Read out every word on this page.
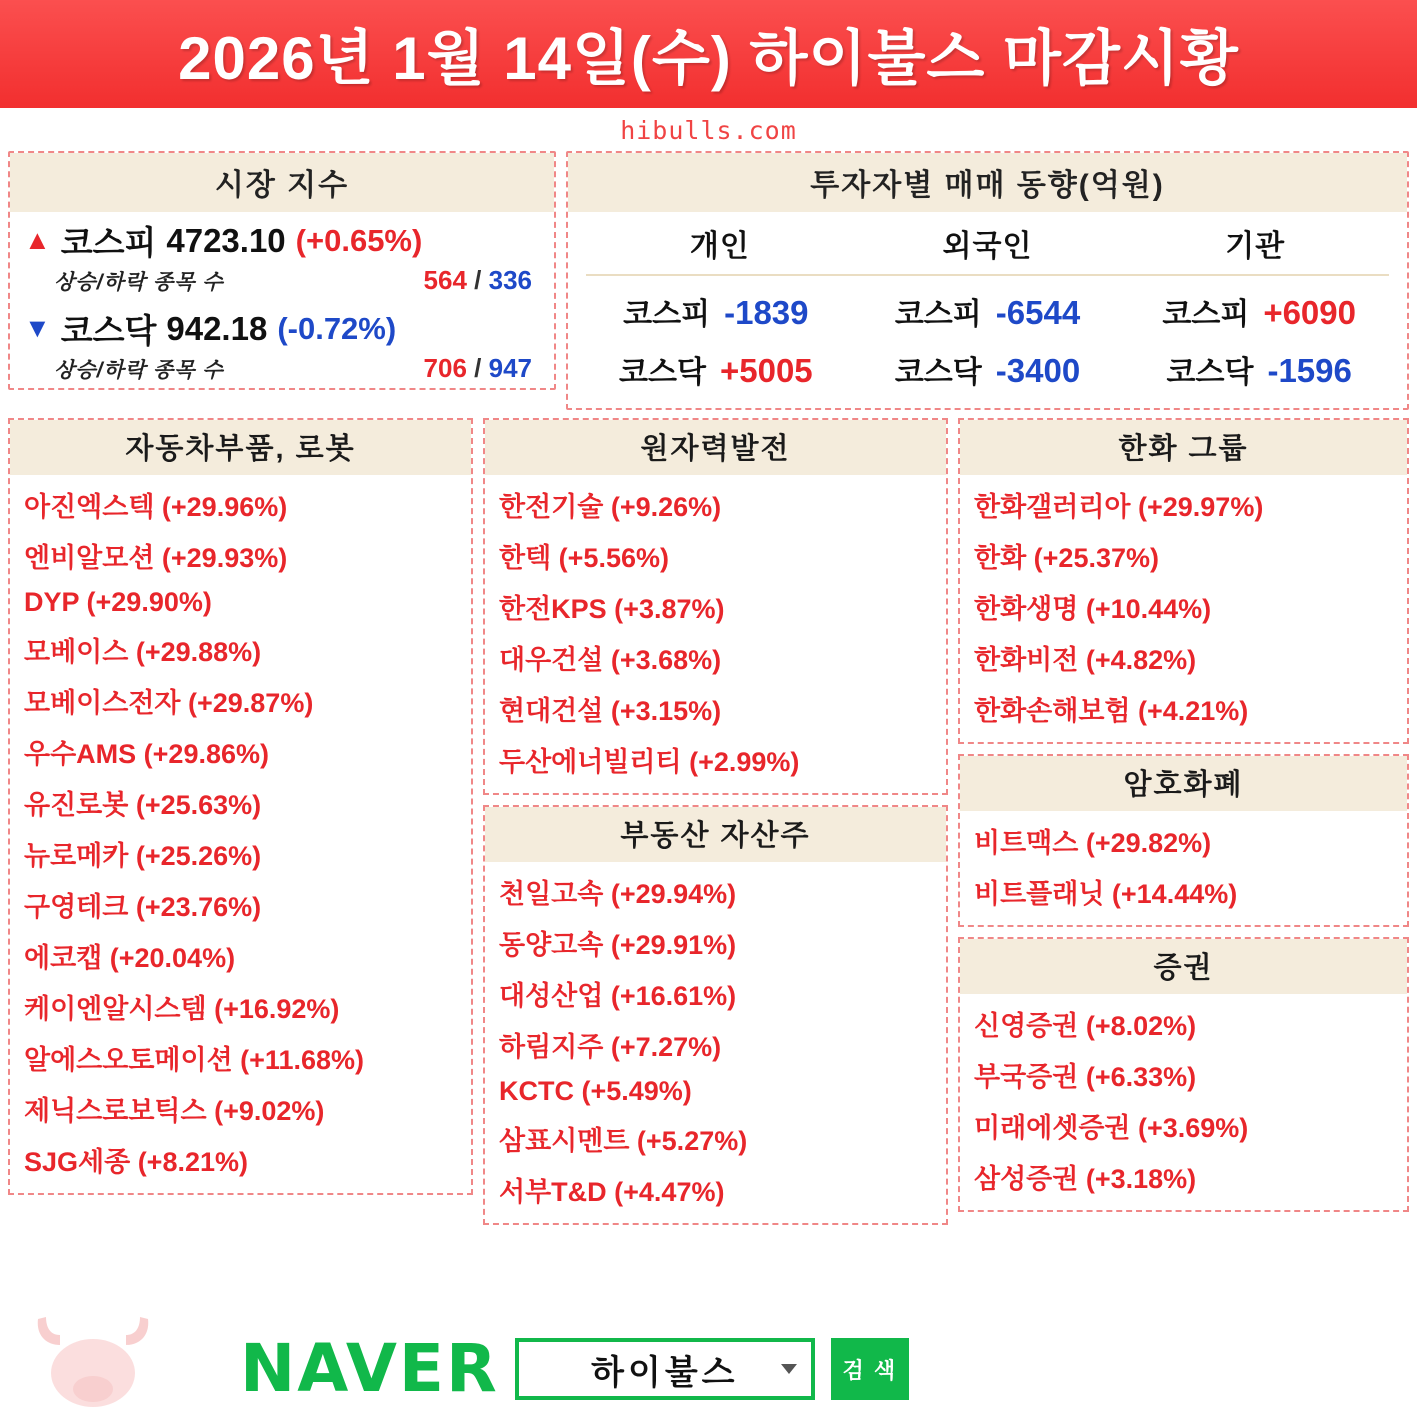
2026년 1월 14일(수) 하이불스 마감시황
hibulls.com
시장 지수
▲ 코스피 4723.10 (+0.65%)
상승/하락 종목 수	564 / 336
▼ 코스닥 942.18 (-0.72%)
상승/하락 종목 수	706 / 947
투자자별 매매 동향(억원)
개인	외국인	기관
코스피 -1839	코스피 -6544	코스피 +6090
코스닥 +5005	코스닥 -3400	코스닥 -1596
자동차부품, 로봇
아진엑스텍 (+29.96%)
엔비알모션 (+29.93%)
DYP (+29.90%)
모베이스 (+29.88%)
모베이스전자 (+29.87%)
우수AMS (+29.86%)
유진로봇 (+25.63%)
뉴로메카 (+25.26%)
구영테크 (+23.76%)
에코캡 (+20.04%)
케이엔알시스템 (+16.92%)
알에스오토메이션 (+11.68%)
제닉스로보틱스 (+9.02%)
SJG세종 (+8.21%)
원자력발전
한전기술 (+9.26%)
한텍 (+5.56%)
한전KPS (+3.87%)
대우건설 (+3.68%)
현대건설 (+3.15%)
두산에너빌리티 (+2.99%)
부동산 자산주
천일고속 (+29.94%)
동양고속 (+29.91%)
대성산업 (+16.61%)
하림지주 (+7.27%)
KCTC (+5.49%)
삼표시멘트 (+5.27%)
서부T&D (+4.47%)
한화 그룹
한화갤러리아 (+29.97%)
한화 (+25.37%)
한화생명 (+10.44%)
한화비전 (+4.82%)
한화손해보험 (+4.21%)
암호화폐
비트맥스 (+29.82%)
비트플래닛 (+14.44%)
증권
신영증권 (+8.02%)
부국증권 (+6.33%)
미래에셋증권 (+3.69%)
삼성증권 (+3.18%)
NAVER	하이불스	검 색
